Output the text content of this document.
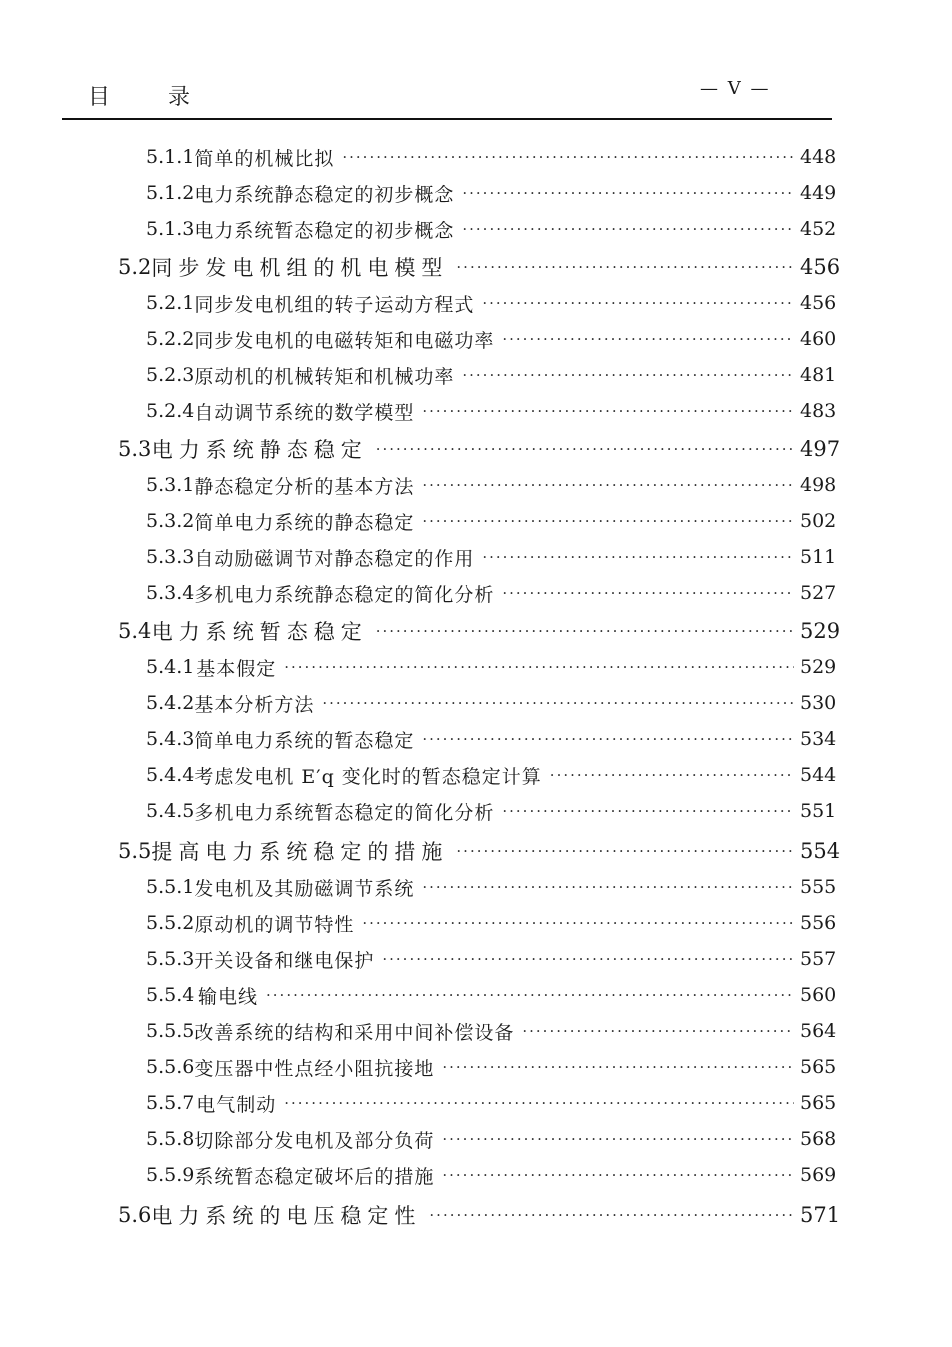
目	录	— V —
5.1.1 简单的机械比拟 ·····	448
5.1.2 电力系统静态稳定的初步概念 ·····	449
5.1.3 电力系统暂态稳定的初步概念 ·····	452
5.2 同步发电机组的机电模型 ·····	456
5.2.1 同步发电机组的转子运动方程式 ·····	456
5.2.2 同步发电机的电磁转矩和电磁功率 ·····	460
5.2.3 原动机的机械转矩和机械功率 ·····	481
5.2.4 自动调节系统的数学模型 ·····	483
5.3 电力系统静态稳定 ·····	497
5.3.1 静态稳定分析的基本方法 ·····	498
5.3.2 简单电力系统的静态稳定 ·····	502
5.3.3 自动励磁调节对静态稳定的作用 ·····	511
5.3.4 多机电力系统静态稳定的简化分析 ·····	527
5.4 电力系统暂态稳定 ·····	529
5.4.1 基本假定 ·····	529
5.4.2 基本分析方法 ·····	530
5.4.3 简单电力系统的暂态稳定 ·····	534
5.4.4 考虑发电机 E′q 变化时的暂态稳定计算 ·····	544
5.4.5 多机电力系统暂态稳定的简化分析 ·····	551
5.5 提高电力系统稳定的措施 ·····	554
5.5.1 发电机及其励磁调节系统 ·····	555
5.5.2 原动机的调节特性 ·····	556
5.5.3 开关设备和继电保护 ·····	557
5.5.4 输电线 ·····	560
5.5.5 改善系统的结构和采用中间补偿设备 ·····	564
5.5.6 变压器中性点经小阻抗接地 ·····	565
5.5.7 电气制动 ·····	565
5.5.8 切除部分发电机及部分负荷 ·····	568
5.5.9 系统暂态稳定破坏后的措施 ·····	569
5.6 电力系统的电压稳定性 ·····	571
